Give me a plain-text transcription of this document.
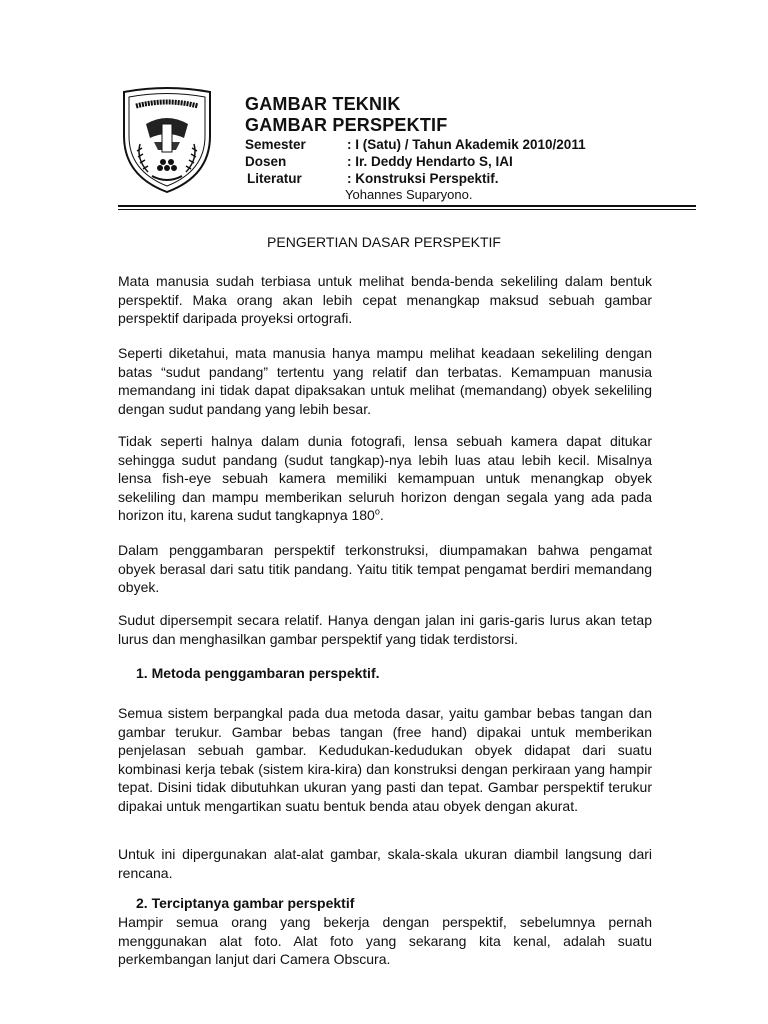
GAMBAR TEKNIK
GAMBAR PERSPEKTIF
Semester	: I (Satu) / Tahun Akademik 2010/2011
Dosen	: Ir. Deddy Hendarto S, IAI
Literatur	: Konstruksi Perspektif.
Yohannes Suparyono.
PENGERTIAN DASAR PERSPEKTIF
Mata manusia sudah terbiasa untuk melihat benda-benda sekeliling dalam bentuk perspektif. Maka orang akan lebih cepat menangkap maksud sebuah gambar perspektif daripada proyeksi ortografi.
Seperti diketahui, mata manusia hanya mampu melihat keadaan sekeliling dengan batas “sudut pandang” tertentu yang relatif dan terbatas. Kemampuan manusia memandang ini tidak dapat dipaksakan untuk melihat (memandang) obyek sekeliling dengan sudut pandang yang lebih besar.
Tidak seperti halnya dalam dunia fotografi, lensa sebuah kamera dapat ditukar sehingga sudut pandang (sudut tangkap)-nya lebih luas atau lebih kecil. Misalnya lensa fish-eye sebuah kamera memiliki kemampuan untuk menangkap obyek sekeliling dan mampu memberikan seluruh horizon dengan segala yang ada pada horizon itu, karena sudut tangkapnya 180$^o$.
Dalam penggambaran perspektif terkonstruksi, diumpamakan bahwa pengamat obyek berasal dari satu titik pandang. Yaitu titik tempat pengamat berdiri memandang obyek.
Sudut dipersempit secara relatif. Hanya dengan jalan ini garis-garis lurus akan tetap lurus dan menghasilkan gambar perspektif yang tidak terdistorsi.
1. Metoda penggambaran perspektif.
Semua sistem berpangkal pada dua metoda dasar, yaitu gambar bebas tangan dan gambar terukur. Gambar bebas tangan (free hand) dipakai untuk memberikan penjelasan sebuah gambar. Kedudukan-kedudukan obyek didapat dari suatu kombinasi kerja tebak (sistem kira-kira) dan konstruksi dengan perkiraan yang hampir tepat. Disini tidak dibutuhkan ukuran yang pasti dan tepat. Gambar perspektif terukur dipakai untuk mengartikan suatu bentuk benda atau obyek dengan akurat.
Untuk ini dipergunakan alat-alat gambar, skala-skala ukuran diambil langsung dari rencana.
2. Terciptanya gambar perspektif
Hampir semua orang yang bekerja dengan perspektif, sebelumnya pernah menggunakan alat foto. Alat foto yang sekarang kita kenal, adalah suatu perkembangan lanjut dari Camera Obscura.
